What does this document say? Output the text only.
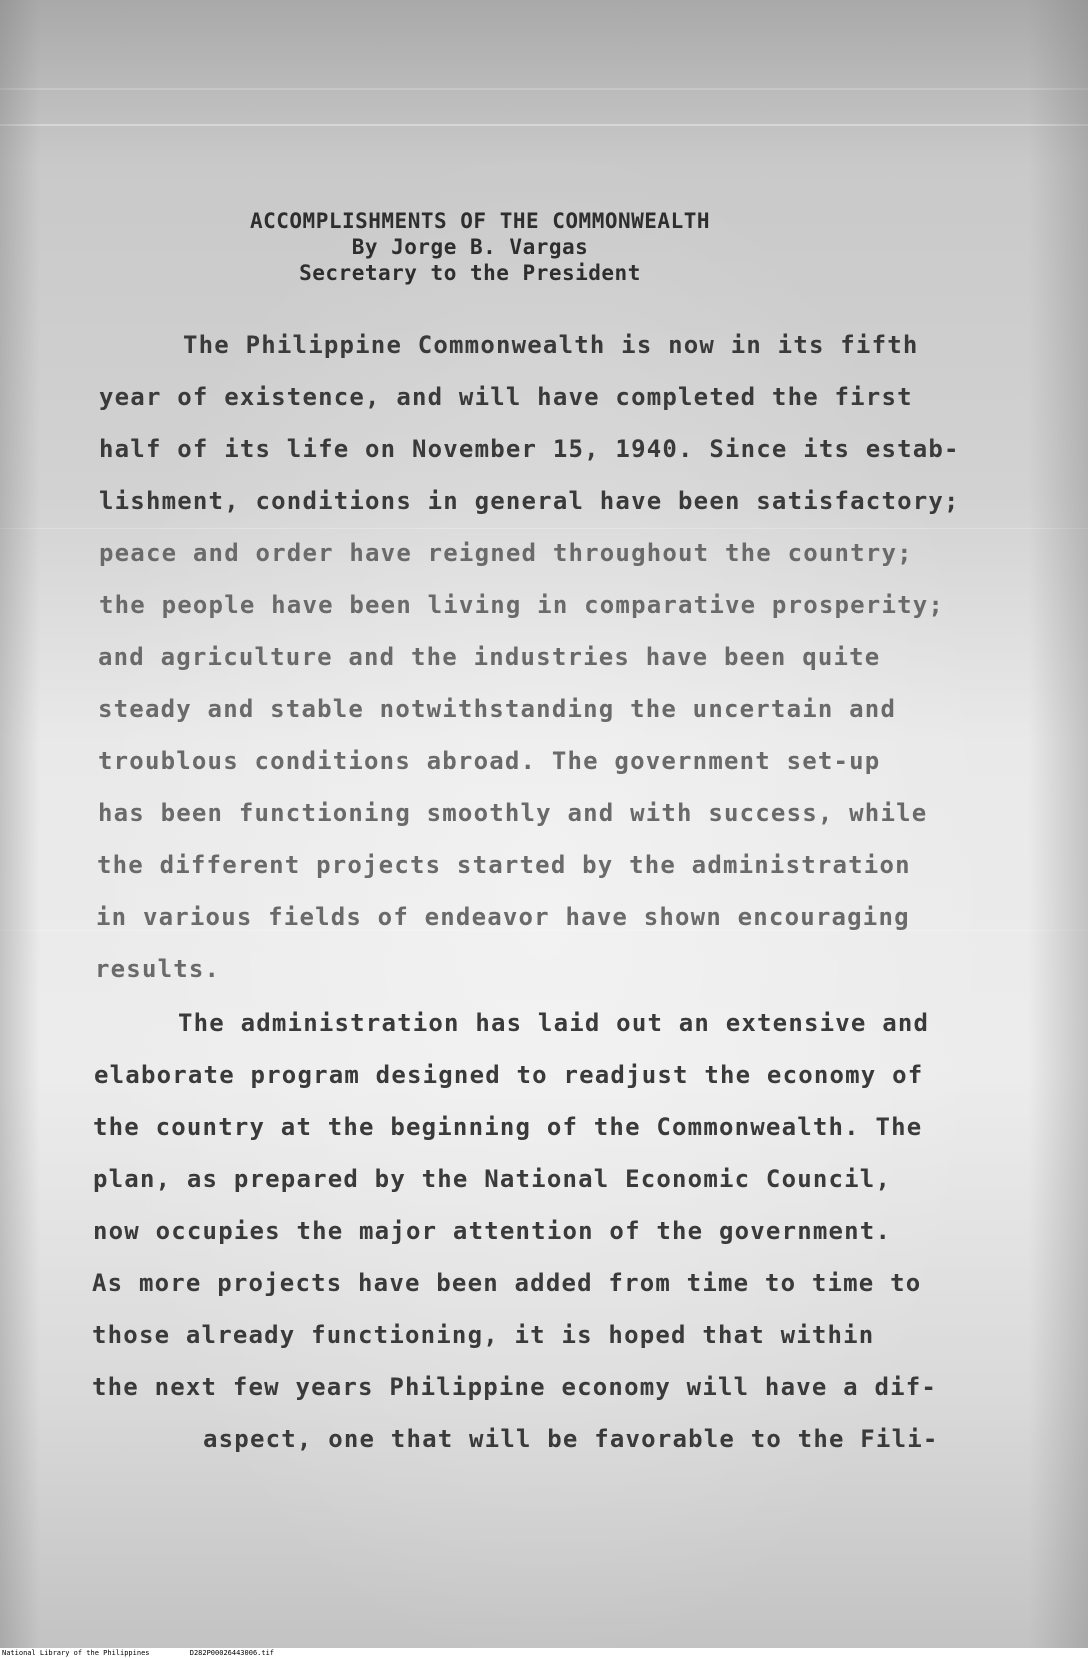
ACCOMPLISHMENTS OF THE COMMONWEALTH
By Jorge B. Vargas
Secretary to the President
The Philippine Commonwealth is now in its fifth
year of existence, and will have completed the first
half of its life on November 15, 1940. Since its estab-
lishment, conditions in general have been satisfactory;
peace and order have reigned throughout the country;
the people have been living in comparative prosperity;
and agriculture and the industries have been quite
steady and stable notwithstanding the uncertain and
troublous conditions abroad. The government set-up
has been functioning smoothly and with success, while
the different projects started by the administration
in various fields of endeavor have shown encouraging
results.
The administration has laid out an extensive and
elaborate program designed to readjust the economy of
the country at the beginning of the Commonwealth. The
plan, as prepared by the National Economic Council,
now occupies the major attention of the government.
As more projects have been added from time to time to
those already functioning, it is hoped that within
the next few years Philippine economy will have a dif-
aspect, one that will be favorable to the Fili-
National Library of the Philippines	D282P00026443006.tif
